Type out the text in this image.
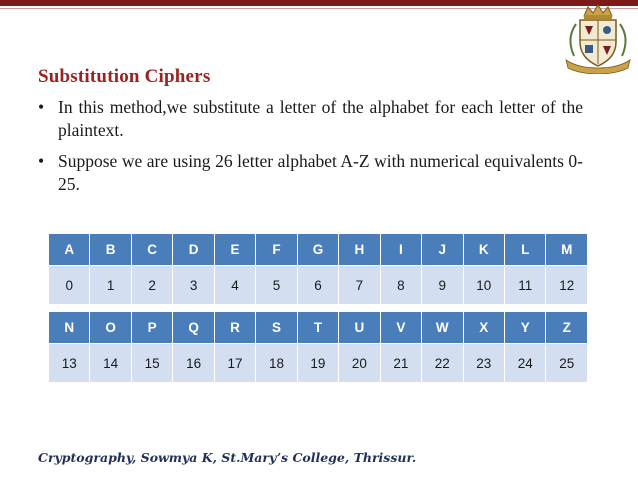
Substitution Ciphers
• In this method,we substitute a letter of the alphabet for each letter of the plaintext.
• Suppose we are using 26 letter alphabet A-Z with numerical equivalents 0-25.
A	B	C	D	E	F	G	H	I	J	K	L	M
0	1	2	3	4	5	6	7	8	9	10	11	12

N	O	P	Q	R	S	T	U	V	W	X	Y	Z
13	14	15	16	17	18	19	20	21	22	23	24	25
Cryptography, Sowmya K, St.Mary’s College, Thrissur.
